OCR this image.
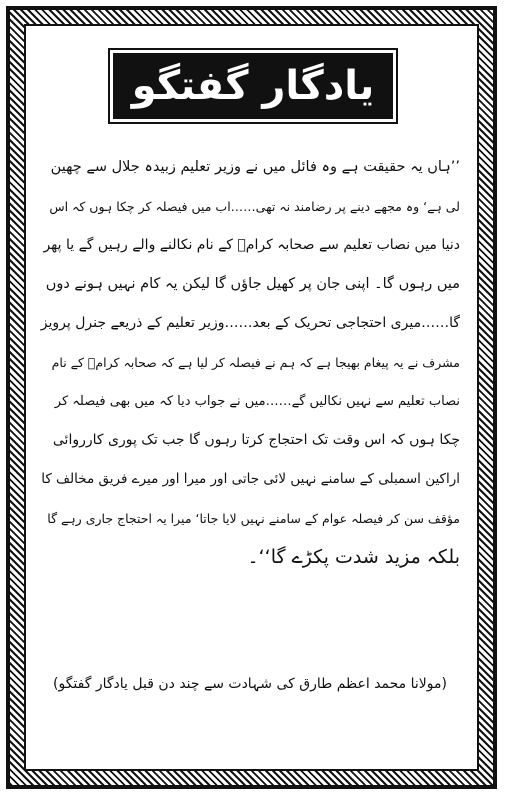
یادگار گفتگو
’’ہاں یہ حقیقت ہے وہ فائل میں نے وزیر تعلیم زبیدہ جلال سے چھین
لی ہے‘ وہ مجھے دینے پر رضامند نہ تھی……اب میں فیصلہ کر چکا ہوں کہ اس
دنیا میں نصاب تعلیم سے صحابہ کرامؓ کے نام نکالنے والے رہیں گے یا پھر
میں رہوں گا۔ اپنی جان پر کھیل جاؤں گا لیکن یہ کام نہیں ہونے دوں
گا……میری احتجاجی تحریک کے بعد……وزیر تعلیم کے ذریعے جنرل پرویز
مشرف نے یہ پیغام بھیجا ہے کہ ہم نے فیصلہ کر لیا ہے کہ صحابہ کرامؓ کے نام
نصاب تعلیم سے نہیں نکالیں گے……میں نے جواب دیا کہ میں بھی فیصلہ کر
چکا ہوں کہ اس وقت تک احتجاج کرتا رہوں گا جب تک پوری کارروائی
اراکین اسمبلی کے سامنے نہیں لائی جاتی اور میرا اور میرے فریق مخالف کا
مؤقف سن کر فیصلہ عوام کے سامنے نہیں لایا جاتا‘ میرا یہ احتجاج جاری رہے گا
بلکہ مزید شدت پکڑے گا‘‘۔
(مولانا محمد اعظم طارق کی شہادت سے چند دن قبل یادگار گفتگو)
